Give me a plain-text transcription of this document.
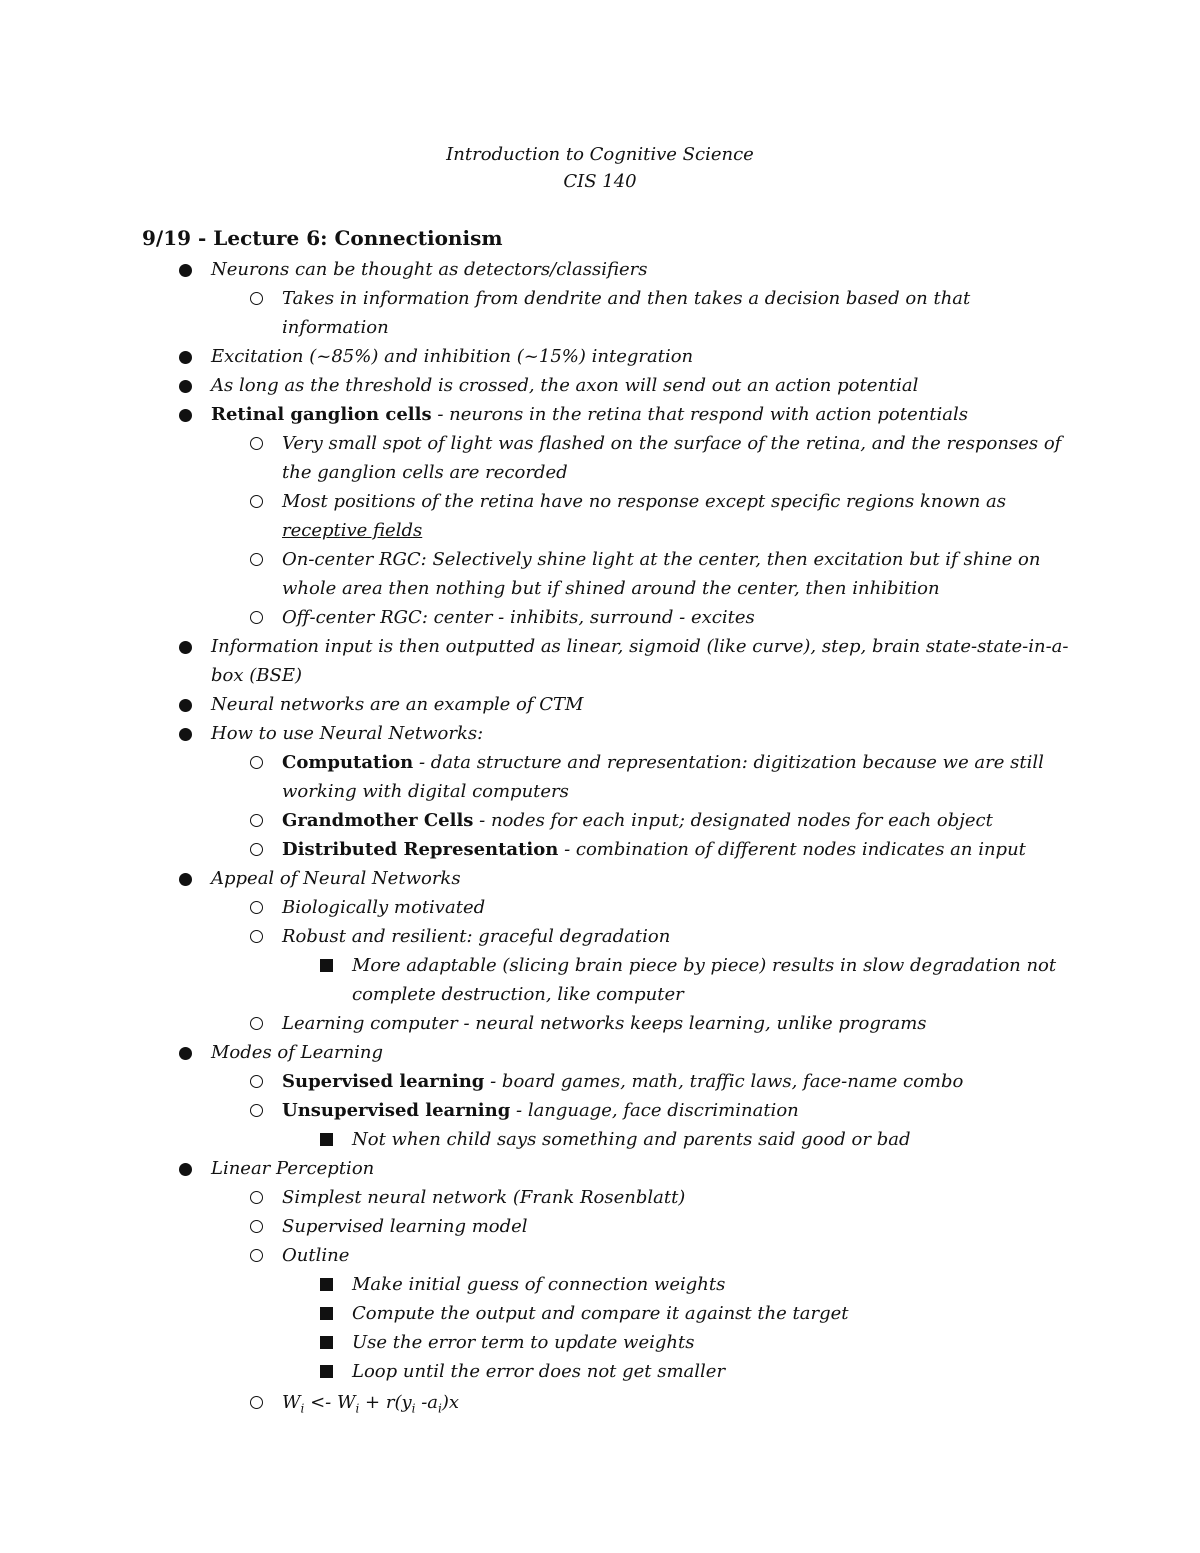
Introduction to Cognitive Science
CIS 140
9/19 - Lecture 6: Connectionism
Neurons can be thought as detectors/classifiers
Takes in information from dendrite and then takes a decision based on that
information
Excitation (~85%) and inhibition (~15%) integration
As long as the threshold is crossed, the axon will send out an action potential
Retinal ganglion cells - neurons in the retina that respond with action potentials
Very small spot of light was flashed on the surface of the retina, and the responses of
the ganglion cells are recorded
Most positions of the retina have no response except specific regions known as
receptive fields
On-center RGC: Selectively shine light at the center, then excitation but if shine on
whole area then nothing but if shined around the center, then inhibition
Off-center RGC: center - inhibits, surround - excites
Information input is then outputted as linear, sigmoid (like curve), step, brain state-state-in-a-
box (BSE)
Neural networks are an example of CTM
How to use Neural Networks:
Computation - data structure and representation: digitization because we are still
working with digital computers
Grandmother Cells - nodes for each input; designated nodes for each object
Distributed Representation - combination of different nodes indicates an input
Appeal of Neural Networks
Biologically motivated
Robust and resilient: graceful degradation
More adaptable (slicing brain piece by piece) results in slow degradation not
complete destruction, like computer
Learning computer - neural networks keeps learning, unlike programs
Modes of Learning
Supervised learning - board games, math, traffic laws, face-name combo
Unsupervised learning - language, face discrimination
Not when child says something and parents said good or bad
Linear Perception
Simplest neural network (Frank Rosenblatt)
Supervised learning model
Outline
Make initial guess of connection weights
Compute the output and compare it against the target
Use the error term to update weights
Loop until the error does not get smaller
$W_i <- W_i + r(y_i$ $-a_i)x$
